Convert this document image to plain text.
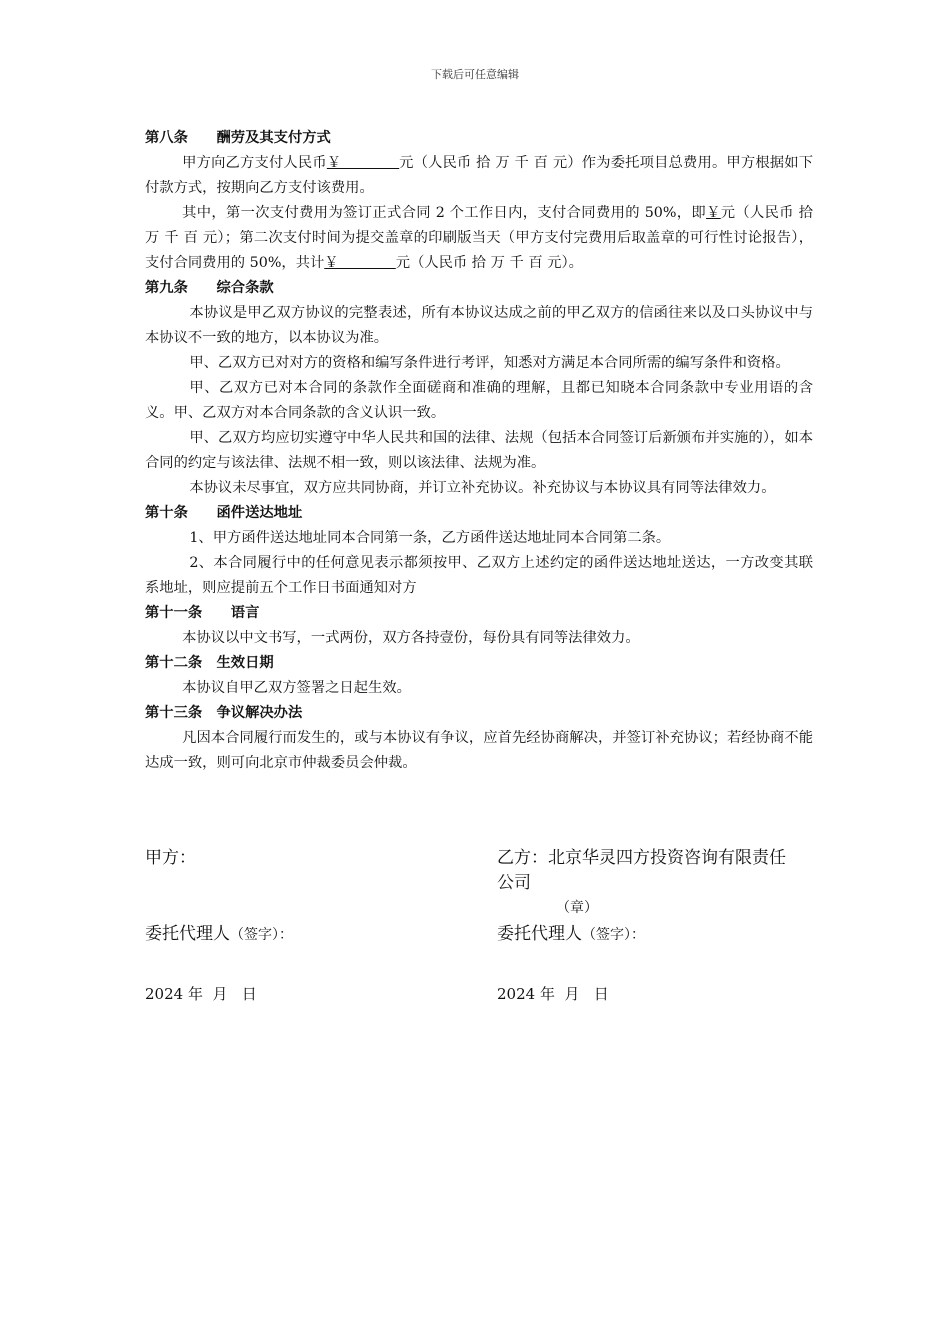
下载后可任意编辑
第八条　　酬劳及其支付方式

甲方向乙方支付人民币￥　　　　元（人民币 拾 万 千 百 元）作为委托项目总费用。甲方根据如下付款方式，按期向乙方支付该费用。

其中，第一次支付费用为签订正式合同 2 个工作日内，支付合同费用的 50%，即￥元（人民币 拾 万 千 百 元）；第二次支付时间为提交盖章的印刷版当天（甲方支付完费用后取盖章的可行性讨论报告），支付合同费用的 50%，共计￥　　　　元（人民币 拾 万 千 百 元）。

第九条　　综合条款

本协议是甲乙双方协议的完整表述，所有本协议达成之前的甲乙双方的信函往来以及口头协议中与本协议不一致的地方，以本协议为准。

甲、乙双方已对对方的资格和编写条件进行考评，知悉对方满足本合同所需的编写条件和资格。

甲、乙双方已对本合同的条款作全面磋商和准确的理解，且都已知晓本合同条款中专业用语的含义。甲、乙双方对本合同条款的含义认识一致。

甲、乙双方均应切实遵守中华人民共和国的法律、法规（包括本合同签订后新颁布并实施的），如本合同的约定与该法律、法规不相一致，则以该法律、法规为准。

本协议未尽事宜，双方应共同协商，并订立补充协议。补充协议与本协议具有同等法律效力。

第十条　　函件送达地址

1、甲方函件送达地址同本合同第一条，乙方函件送达地址同本合同第二条。

2、本合同履行中的任何意见表示都须按甲、乙双方上述约定的函件送达地址送达，一方改变其联系地址，则应提前五个工作日书面通知对方

第十一条　　语言

本协议以中文书写，一式两份，双方各持壹份，每份具有同等法律效力。

第十二条　生效日期

本协议自甲乙双方签署之日起生效。

第十三条　争议解决办法

凡因本合同履行而发生的，或与本协议有争议，应首先经协商解决，并签订补充协议；若经协商不能达成一致，则可向北京市仲裁委员会仲裁。

甲方：	乙方：北京华灵四方投资咨询有限责任公司
（章）
委托代理人（签字）：	委托代理人（签字）：
2024 年  月   日	2024 年  月   日
